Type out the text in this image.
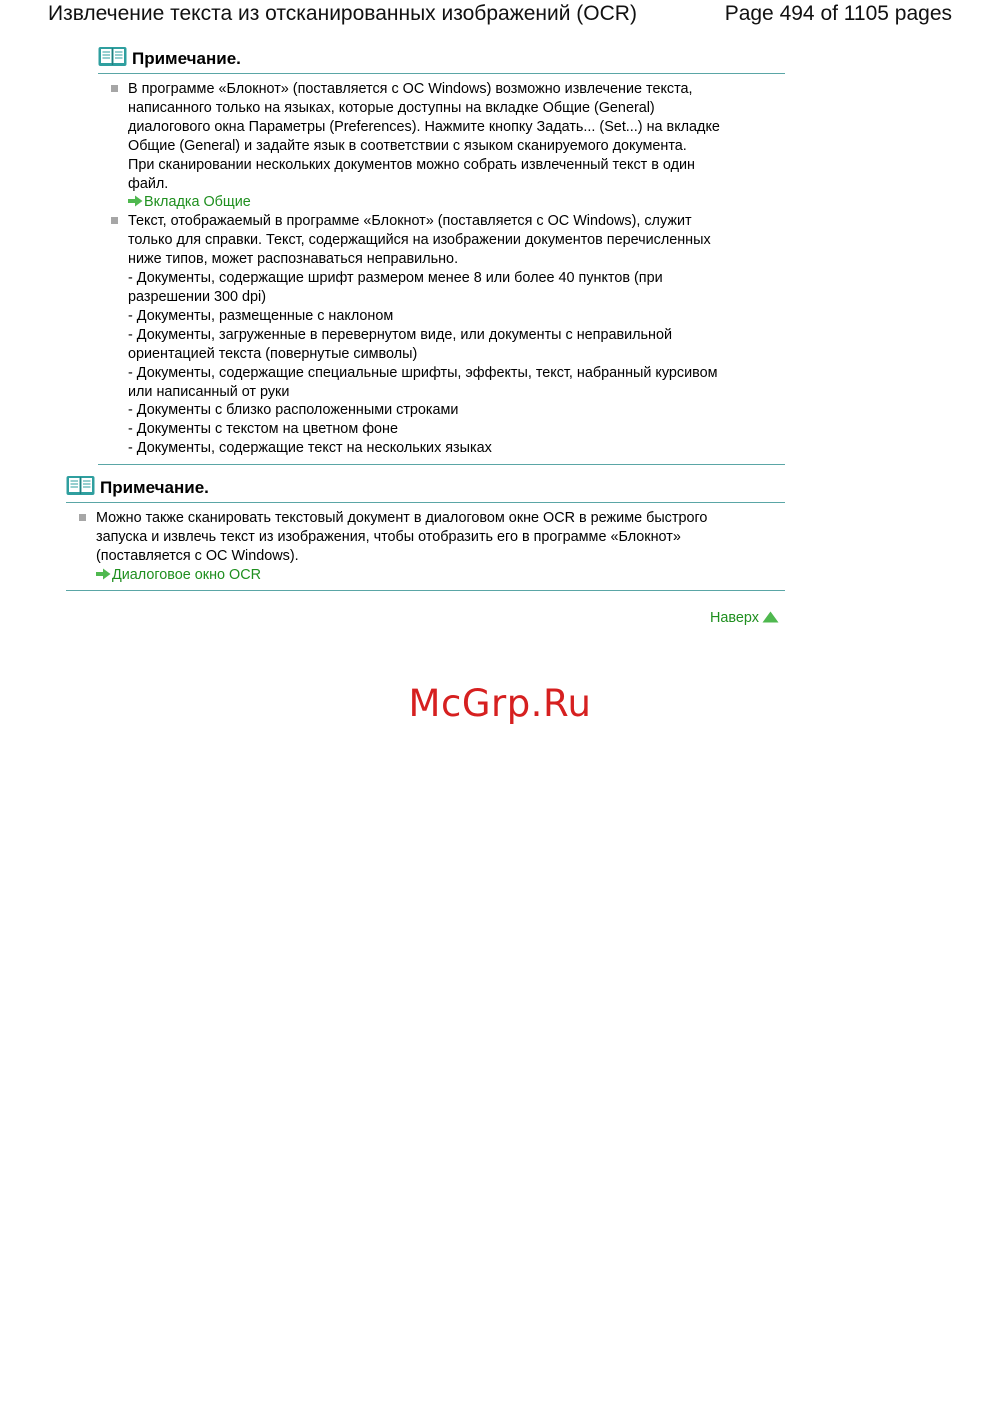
Извлечение текста из отсканированных изображений (OCR)	Page 494 of 1105 pages
Примечание.
В программе «Блокнот» (поставляется с ОС Windows) возможно извлечение текста,
написанного только на языках, которые доступны на вкладке Общие (General)
диалогового окна Параметры (Preferences). Нажмите кнопку Задать... (Set...) на вкладке
Общие (General) и задайте язык в соответствии с языком сканируемого документа.
При сканировании нескольких документов можно собрать извлеченный текст в один
файл.
Вкладка Общие
Текст, отображаемый в программе «Блокнот» (поставляется с ОС Windows), служит
только для справки. Текст, содержащийся на изображении документов перечисленных
ниже типов, может распознаваться неправильно.
- Документы, содержащие шрифт размером менее 8 или более 40 пунктов (при
разрешении 300 dpi)
- Документы, размещенные с наклоном
- Документы, загруженные в перевернутом виде, или документы с неправильной
ориентацией текста (повернутые символы)
- Документы, содержащие специальные шрифты, эффекты, текст, набранный курсивом
или написанный от руки
- Документы с близко расположенными строками
- Документы с текстом на цветном фоне
- Документы, содержащие текст на нескольких языках
Примечание.
Можно также сканировать текстовый документ в диалоговом окне OCR в режиме быстрого
запуска и извлечь текст из изображения, чтобы отобразить его в программе «Блокнот»
(поставляется с ОС Windows).
Диалоговое окно OCR
Наверх
McGrp.Ru
